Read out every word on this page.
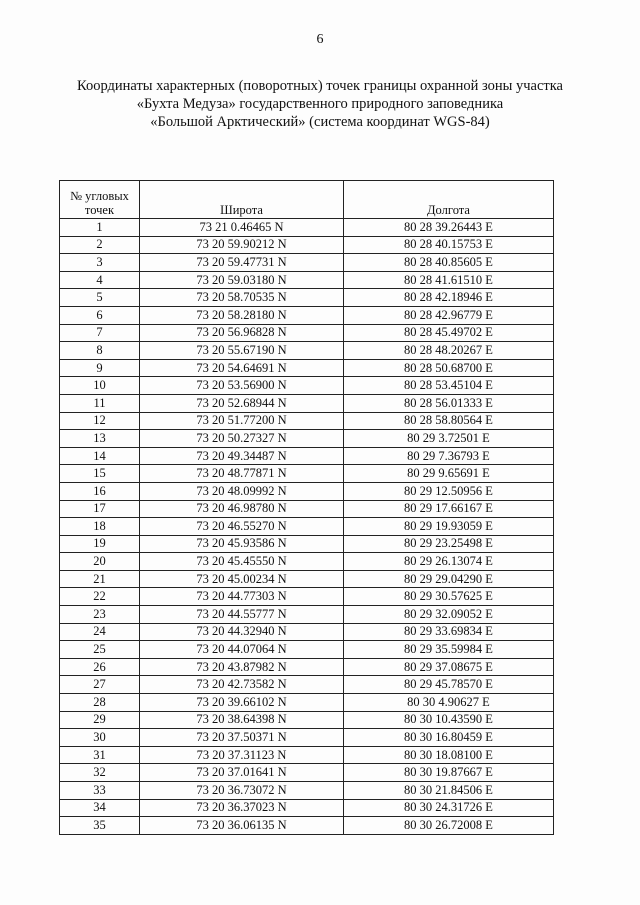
6
Координаты характерных (поворотных) точек границы охранной зоны участка
«Бухта Медуза» государственного природного заповедника
«Большой Арктический» (система координат WGS-84)
№ угловых
точек	Широта	Долгота
1	73 21 0.46465 N	80 28 39.26443 E
2	73 20 59.90212 N	80 28 40.15753 E
3	73 20 59.47731 N	80 28 40.85605 E
4	73 20 59.03180 N	80 28 41.61510 E
5	73 20 58.70535 N	80 28 42.18946 E
6	73 20 58.28180 N	80 28 42.96779 E
7	73 20 56.96828 N	80 28 45.49702 E
8	73 20 55.67190 N	80 28 48.20267 E
9	73 20 54.64691 N	80 28 50.68700 E
10	73 20 53.56900 N	80 28 53.45104 E
11	73 20 52.68944 N	80 28 56.01333 E
12	73 20 51.77200 N	80 28 58.80564 E
13	73 20 50.27327 N	80 29 3.72501 E
14	73 20 49.34487 N	80 29 7.36793 E
15	73 20 48.77871 N	80 29 9.65691 E
16	73 20 48.09992 N	80 29 12.50956 E
17	73 20 46.98780 N	80 29 17.66167 E
18	73 20 46.55270 N	80 29 19.93059 E
19	73 20 45.93586 N	80 29 23.25498 E
20	73 20 45.45550 N	80 29 26.13074 E
21	73 20 45.00234 N	80 29 29.04290 E
22	73 20 44.77303 N	80 29 30.57625 E
23	73 20 44.55777 N	80 29 32.09052 E
24	73 20 44.32940 N	80 29 33.69834 E
25	73 20 44.07064 N	80 29 35.59984 E
26	73 20 43.87982 N	80 29 37.08675 E
27	73 20 42.73582 N	80 29 45.78570 E
28	73 20 39.66102 N	80 30 4.90627 E
29	73 20 38.64398 N	80 30 10.43590 E
30	73 20 37.50371 N	80 30 16.80459 E
31	73 20 37.31123 N	80 30 18.08100 E
32	73 20 37.01641 N	80 30 19.87667 E
33	73 20 36.73072 N	80 30 21.84506 E
34	73 20 36.37023 N	80 30 24.31726 E
35	73 20 36.06135 N	80 30 26.72008 E
